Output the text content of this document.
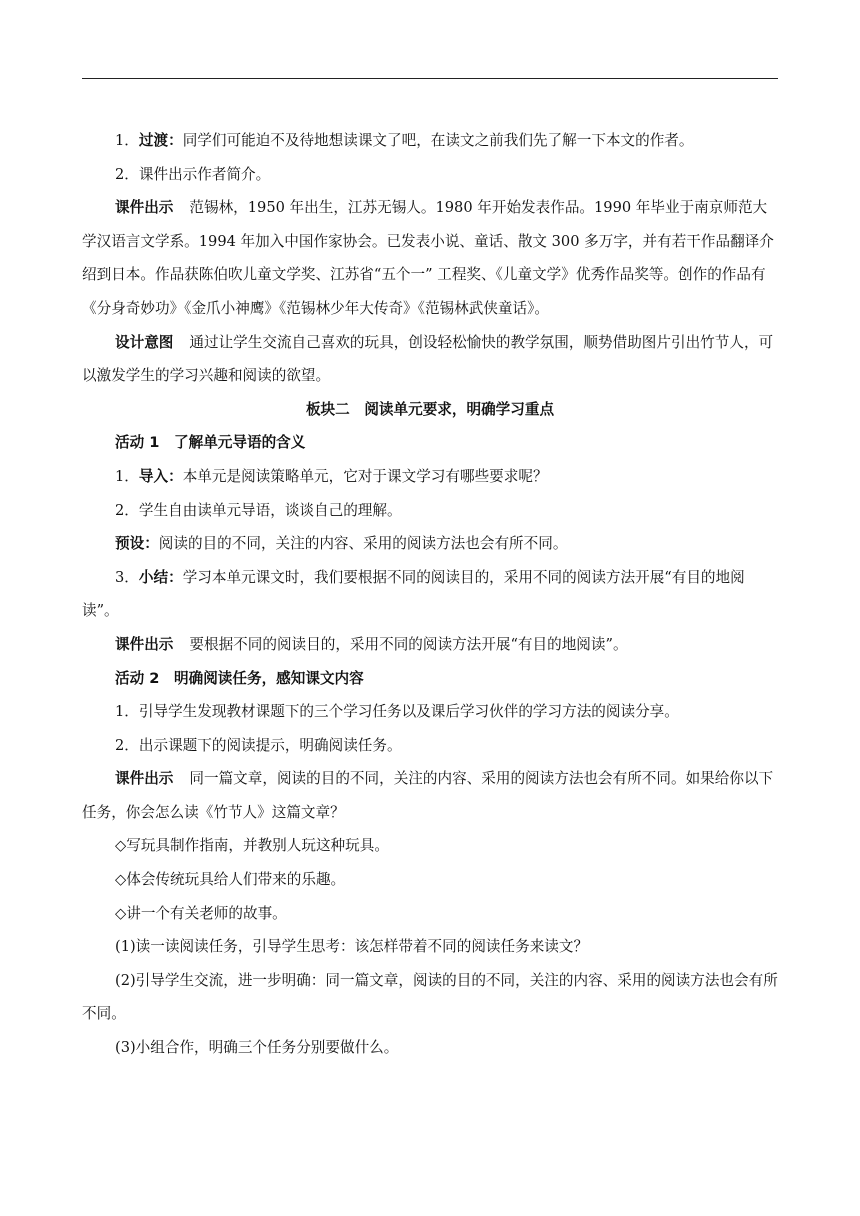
1．过渡：同学们可能迫不及待地想读课文了吧，在读文之前我们先了解一下本文的作者。

2．课件出示作者简介。

课件出示 范锡林，1950 年出生，江苏无锡人。1980 年开始发表作品。1990 年毕业于南京师范大学汉语言文学系。1994 年加入中国作家协会。已发表小说、童话、散文 300 多万字，并有若干作品翻译介绍到日本。作品获陈伯吹儿童文学奖、江苏省“五个一” 工程奖、《儿童文学》优秀作品奖等。创作的作品有《分身奇妙功》《金爪小神鹰》《范锡林少年大传奇》《范锡林武侠童话》。

设计意图 通过让学生交流自己喜欢的玩具，创设轻松愉快的教学氛围，顺势借助图片引出竹节人，可以激发学生的学习兴趣和阅读的欲望。

板块二　阅读单元要求，明确学习重点

活动 1　了解单元导语的含义

1．导入：本单元是阅读策略单元，它对于课文学习有哪些要求呢？

2．学生自由读单元导语，谈谈自己的理解。

预设：阅读的目的不同，关注的内容、采用的阅读方法也会有所不同。

3．小结：学习本单元课文时，我们要根据不同的阅读目的，采用不同的阅读方法开展“有目的地阅读”。

课件出示 要根据不同的阅读目的，采用不同的阅读方法开展“有目的地阅读”。

活动 2　明确阅读任务，感知课文内容

1．引导学生发现教材课题下的三个学习任务以及课后学习伙伴的学习方法的阅读分享。

2．出示课题下的阅读提示，明确阅读任务。

课件出示 同一篇文章，阅读的目的不同，关注的内容、采用的阅读方法也会有所不同。如果给你以下任务，你会怎么读《竹节人》这篇文章？

◇写玩具制作指南，并教别人玩这种玩具。

◇体会传统玩具给人们带来的乐趣。

◇讲一个有关老师的故事。

(1)读一读阅读任务，引导学生思考：该怎样带着不同的阅读任务来读文？

(2)引导学生交流，进一步明确：同一篇文章，阅读的目的不同，关注的内容、采用的阅读方法也会有所不同。

(3)小组合作，明确三个任务分别要做什么。
